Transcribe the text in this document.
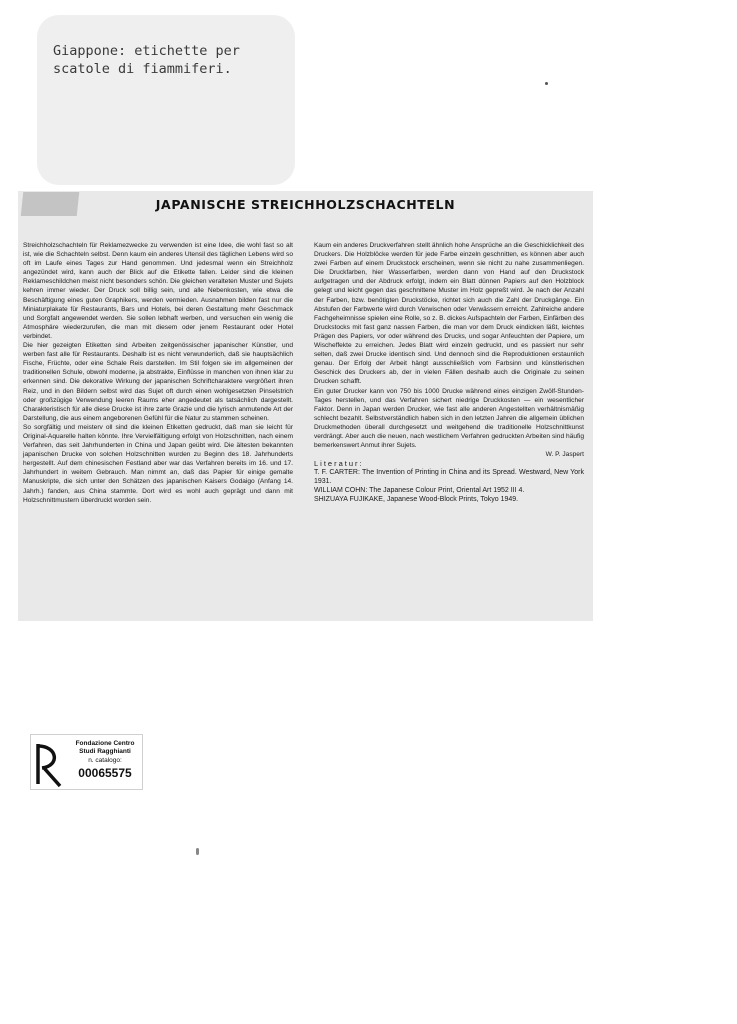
Giappone: etichette per
scatole di fiammiferi.
JAPANISCHE STREICHHOLZSCHACHTELN

Streichholzschachteln für Reklamezwecke zu verwenden ist eine Idee, die wohl fast so alt ist, wie die Schachteln selbst. Denn kaum ein anderes Utensil des täglichen Lebens wird so oft im Laufe eines Tages zur Hand genommen. Und jedesmal wenn ein Streichholz angezündet wird, kann auch der Blick auf die Etikette fallen. Leider sind die kleinen Reklameschildchen meist nicht besonders schön. Die gleichen veralteten Muster und Sujets kehren immer wieder. Der Druck soll billig sein, und alle Nebenkosten, wie etwa die Beschäftigung eines guten Graphikers, werden vermieden. Ausnahmen bilden fast nur die Miniaturplakate für Restaurants, Bars und Hotels, bei deren Gestaltung mehr Geschmack und Sorgfalt angewendet werden. Sie sollen lebhaft werben, und versuchen ein wenig die Atmosphäre wiederzurufen, die man mit diesem oder jenem Restaurant oder Hotel verbindet.

Die hier gezeigten Etiketten sind Arbeiten zeitgenössischer japanischer Künstler, und werben fast alle für Restaurants. Deshalb ist es nicht verwunderlich, daß sie hauptsächlich Fische, Früchte, oder eine Schale Reis darstellen. Im Stil folgen sie im allgemeinen der traditionellen Schule, obwohl moderne, ja abstrakte, Einflüsse in manchen von ihnen klar zu erkennen sind. Die dekorative Wirkung der japanischen Schriftcharaktere vergrößert ihren Reiz, und in den Bildern selbst wird das Sujet oft durch einen wohlgesetzten Pinselstrich oder großzügige Verwendung leeren Raums eher angedeutet als tatsächlich dargestellt. Charakteristisch für alle diese Drucke ist ihre zarte Grazie und die lyrisch anmutende Art der Darstellung, die aus einem angeborenen Gefühl für die Natur zu stammen scheinen.

So sorgfältig und meisterv oll sind die kleinen Etiketten gedruckt, daß man sie leicht für Original-Aquarelle halten könnte. Ihre Vervielfältigung erfolgt von Holzschnitten, nach einem Verfahren, das seit Jahrhunderten in China und Japan geübt wird. Die ältesten bekannten japanischen Drucke von solchen Holzschnitten wurden zu Beginn des 18. Jahrhunderts hergestellt. Auf dem chinesischen Festland aber war das Verfahren bereits im 16. und 17. Jahrhundert in weitem Gebrauch. Man nimmt an, daß das Papier für einige gemalte Manuskripte, die sich unter den Schätzen des japanischen Kaisers Godaigo (Anfang 14. Jahrh.) fanden, aus China stammte. Dort wird es wohl auch geprägt und dann mit Holzschnittmustern überdruckt worden sein.

Kaum ein anderes Druckverfahren stellt ähnlich hohe Ansprüche an die Geschicklichkeit des Druckers. Die Holzblöcke werden für jede Farbe einzeln geschnitten, es können aber auch zwei Farben auf einem Druckstock erscheinen, wenn sie nicht zu nahe zusammenliegen. Die Druckfarben, hier Wasserfarben, werden dann von Hand auf den Druckstock aufgetragen und der Abdruck erfolgt, indem ein Blatt dünnen Papiers auf den Holzblock gelegt und leicht gegen das geschnittene Muster im Holz gepreßt wird. Je nach der Anzahl der Farben, bzw. benötigten Druckstöcke, richtet sich auch die Zahl der Druckgänge. Ein Abstufen der Farbwerte wird durch Verwischen oder Verwässern erreicht. Zahlreiche andere Fachgeheimnisse spielen eine Rolle, so z. B. dickes Aufspachteln der Farben, Einfärben des Druckstocks mit fast ganz nassen Farben, die man vor dem Druck eindicken läßt, leichtes Prägen des Papiers, vor oder während des Drucks, und sogar Anfeuchten der Papiere, um Wischeffekte zu erreichen. Jedes Blatt wird einzeln gedruckt, und es passiert nur sehr selten, daß zwei Drucke identisch sind. Und dennoch sind die Reproduktionen erstaunlich genau. Der Erfolg der Arbeit hängt ausschließlich vom Farbsinn und künstlerischen Geschick des Druckers ab, der in vielen Fällen deshalb auch die Originale zu seinen Drucken schafft.

Ein guter Drucker kann von 750 bis 1000 Drucke während eines einzigen Zwölf-Stunden-Tages herstellen, und das Verfahren sichert niedrige Druckkosten — ein wesentlicher Faktor. Denn in Japan werden Drucker, wie fast alle anderen Angestellten verhältnismäßig schlecht bezahlt. Selbstverständlich haben sich in den letzten Jahren die allgemein üblichen Druckmethoden überall durchgesetzt und weitgehend die traditionelle Holzschnittkunst verdrängt. Aber auch die neuen, nach westlichem Verfahren gedruckten Arbeiten sind häufig bemerkenswert Anmut ihrer Sujets.

W. P. Jaspert

Literatur:

T. F. CARTER: The Invention of Printing in China and its Spread. Westward, New York 1931.

WILLIAM COHN: The Japanese Colour Print, Oriental Art 1952 III 4.

SHIZUAYA FUJIKAKE, Japanese Wood-Block Prints, Tokyo 1949.

Fondazione Centro
Studi Ragghianti
n. catalogo:
00065575
